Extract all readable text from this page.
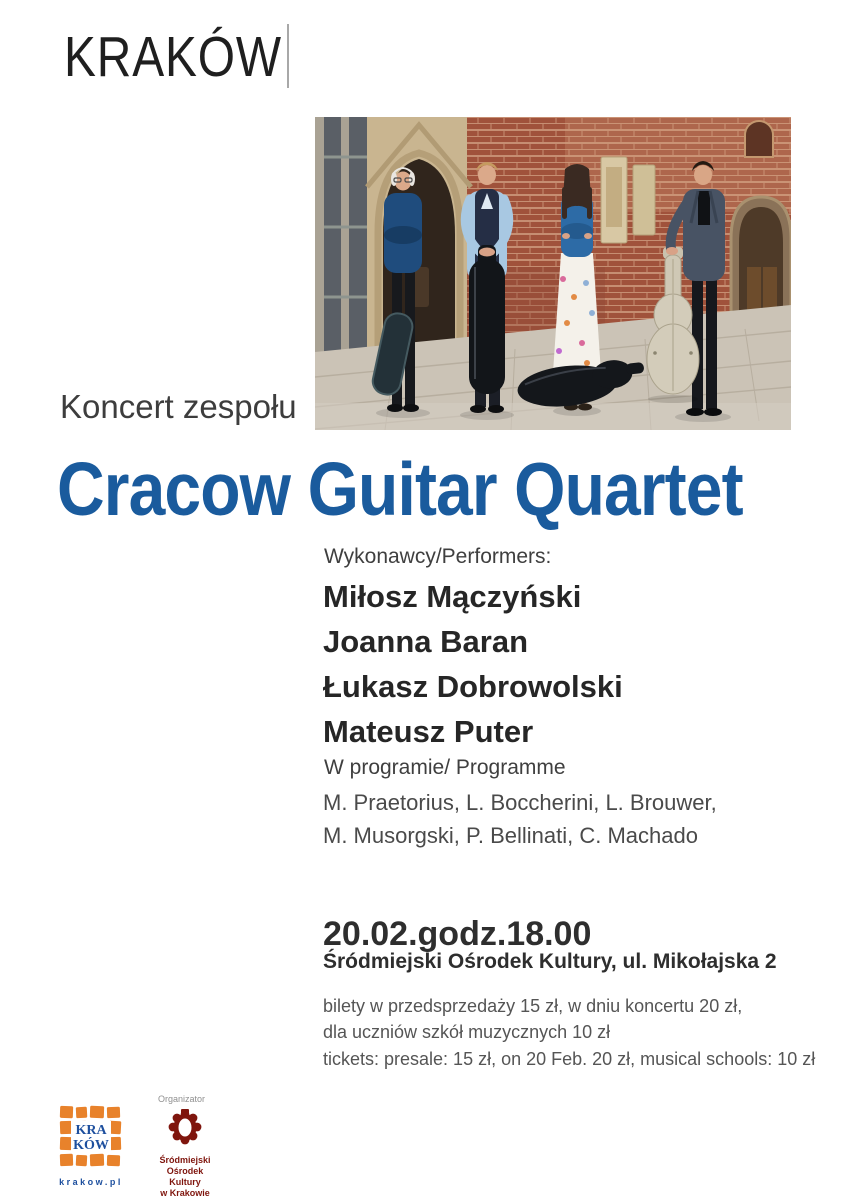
KRAKÓW
Koncert zespołu
Cracow Guitar Quartet
Wykonawcy/Performers:
Miłosz Mączyński
Joanna Baran
Łukasz Dobrowolski
Mateusz Puter
W programie/ Programme
M. Praetorius, L. Boccherini, L. Brouwer,
M. Musorgski, P. Bellinati, C. Machado
20.02.godz.18.00
Śródmiejski Ośrodek Kultury, ul. Mikołajska 2
bilety w przedsprzedaży 15 zł, w dniu koncertu 20 zł,
dla uczniów szkół muzycznych 10 zł
tickets: presale: 15 zł, on 20 Feb. 20 zł, musical schools: 10 zł
KRA
KÓW
krakow.pl
Organizator
Śródmiejski
Ośrodek Kultury
w Krakowie
